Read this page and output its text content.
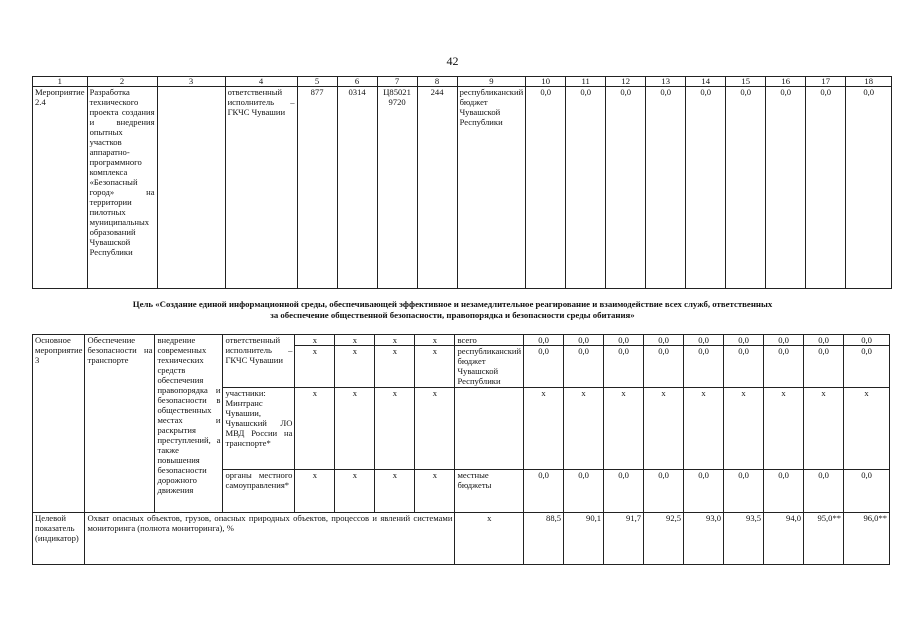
42
1	2	3	4	5	6	7	8	9	10	11	12	13	14	15	16	17	18
Мероприятие 2.4	Разработка технического проекта создания и внедрения опытных участков аппаратно-программного комплекса «Безопасный город» на территории пилотных муниципальных образований Чувашской Республики		ответственный исполнитель – ГКЧС Чувашии	877	0314	Ц85021 9720	244	республиканский бюджет Чувашской Республики	0,0	0,0	0,0	0,0	0,0	0,0	0,0	0,0	0,0
Цель «Создание единой информационной среды, обеспечивающей эффективное и незамедлительное реагирование и взаимодействие всех служб, ответственных
за обеспечение общественной безопасности, правопорядка и безопасности среды обитания»
Основное мероприятие 3	Обеспечение безопасности на транспорте	внедрение современных технических средств обеспечения правопорядка и безопасности в общественных местах и раскрытия преступлений, а также повышения безопасности дорожного движения	ответственный исполнитель – ГКЧС Чувашии	x	x	x	x	всего	0,0	0,0	0,0	0,0	0,0	0,0	0,0	0,0	0,0
				x	x	x	x	республиканский бюджет Чувашской Республики	0,0	0,0	0,0	0,0	0,0	0,0	0,0	0,0	0,0
			участники: Минтранс Чувашии, Чувашский ЛО МВД России на транспорте*	x	x	x	x		x	x	x	x	x	x	x	x	x
			органы местного самоуправления*	x	x	x	x	местные бюджеты	0,0	0,0	0,0	0,0	0,0	0,0	0,0	0,0	0,0
Целевой показатель (индикатор)	Охват опасных объектов, грузов, опасных природных объектов, процессов и явлений системами мониторинга (полнота мониторинга), %							x	88,5	90,1	91,7	92,5	93,0	93,5	94,0	95,0**	96,0**
